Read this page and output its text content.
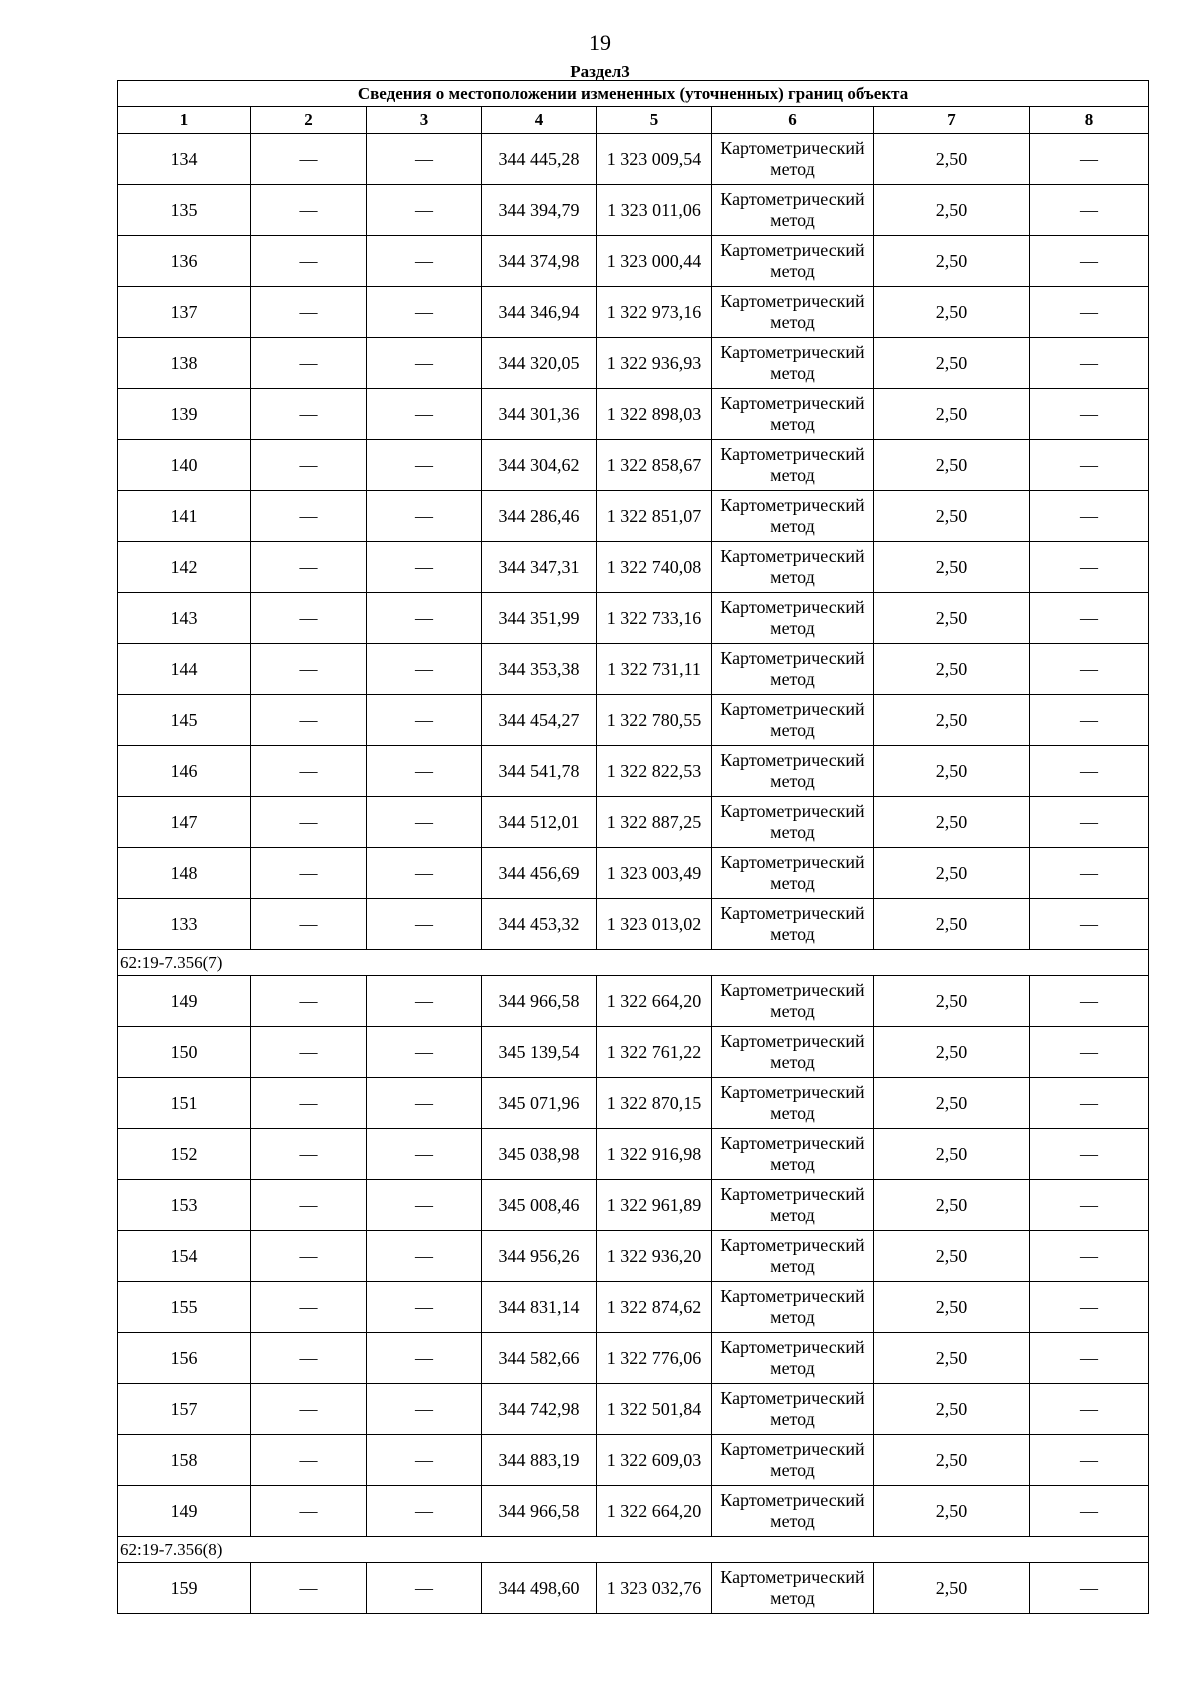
19
Раздел3
Сведения о местоположении измененных (уточненных) границ объекта							
1	2	3	4	5	6	7	8
134	—	—	344 445,28	1 323 009,54	Картометрический метод	2,50	—
135	—	—	344 394,79	1 323 011,06	Картометрический метод	2,50	—
136	—	—	344 374,98	1 323 000,44	Картометрический метод	2,50	—
137	—	—	344 346,94	1 322 973,16	Картометрический метод	2,50	—
138	—	—	344 320,05	1 322 936,93	Картометрический метод	2,50	—
139	—	—	344 301,36	1 322 898,03	Картометрический метод	2,50	—
140	—	—	344 304,62	1 322 858,67	Картометрический метод	2,50	—
141	—	—	344 286,46	1 322 851,07	Картометрический метод	2,50	—
142	—	—	344 347,31	1 322 740,08	Картометрический метод	2,50	—
143	—	—	344 351,99	1 322 733,16	Картометрический метод	2,50	—
144	—	—	344 353,38	1 322 731,11	Картометрический метод	2,50	—
145	—	—	344 454,27	1 322 780,55	Картометрический метод	2,50	—
146	—	—	344 541,78	1 322 822,53	Картометрический метод	2,50	—
147	—	—	344 512,01	1 322 887,25	Картометрический метод	2,50	—
148	—	—	344 456,69	1 323 003,49	Картометрический метод	2,50	—
133	—	—	344 453,32	1 323 013,02	Картометрический метод	2,50	—
62:19-7.356(7)							
149	—	—	344 966,58	1 322 664,20	Картометрический метод	2,50	—
150	—	—	345 139,54	1 322 761,22	Картометрический метод	2,50	—
151	—	—	345 071,96	1 322 870,15	Картометрический метод	2,50	—
152	—	—	345 038,98	1 322 916,98	Картометрический метод	2,50	—
153	—	—	345 008,46	1 322 961,89	Картометрический метод	2,50	—
154	—	—	344 956,26	1 322 936,20	Картометрический метод	2,50	—
155	—	—	344 831,14	1 322 874,62	Картометрический метод	2,50	—
156	—	—	344 582,66	1 322 776,06	Картометрический метод	2,50	—
157	—	—	344 742,98	1 322 501,84	Картометрический метод	2,50	—
158	—	—	344 883,19	1 322 609,03	Картометрический метод	2,50	—
149	—	—	344 966,58	1 322 664,20	Картометрический метод	2,50	—
62:19-7.356(8)							
159	—	—	344 498,60	1 323 032,76	Картометрический метод	2,50	—
